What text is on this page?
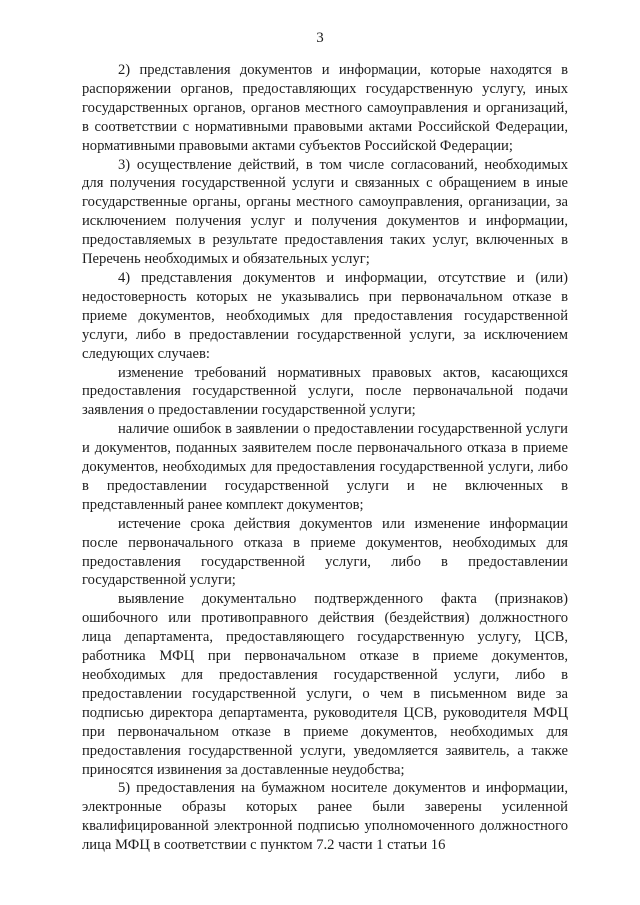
3

2) представления документов и информации, которые находятся в распоряжении органов, предоставляющих государственную услугу, иных государственных органов, органов местного самоуправления и организаций, в соответствии с нормативными правовыми актами Российской Федерации, нормативными правовыми актами субъектов Российской Федерации;

3) осуществление действий, в том числе согласований, необходимых для получения государственной услуги и связанных с обращением в иные государственные органы, органы местного самоуправления, организации, за исключением получения услуг и получения документов и информации, предоставляемых в результате предоставления таких услуг, включенных в Перечень необходимых и обязательных услуг;

4) представления документов и информации, отсутствие и (или) недостоверность которых не указывались при первоначальном отказе в приеме документов, необходимых для предоставления государственной услуги, либо в предоставлении государственной услуги, за исключением следующих случаев:

изменение требований нормативных правовых актов, касающихся предоставления государственной услуги, после первоначальной подачи заявления о предоставлении государственной услуги;

наличие ошибок в заявлении о предоставлении государственной услуги и документов, поданных заявителем после первоначального отказа в приеме документов, необходимых для предоставления государственной услуги, либо в предоставлении государственной услуги и не включенных в представленный ранее комплект документов;

истечение срока действия документов или изменение информации после первоначального отказа в приеме документов, необходимых для предоставления государственной услуги, либо в предоставлении государственной услуги;

выявление документально подтвержденного факта (признаков) ошибочного или противоправного действия (бездействия) должностного лица департамента, предоставляющего государственную услугу, ЦСВ, работника МФЦ при первоначальном отказе в приеме документов, необходимых для предоставления государственной услуги, либо в предоставлении государственной услуги, о чем в письменном виде за подписью директора департамента, руководителя ЦСВ, руководителя МФЦ при первоначальном отказе в приеме документов, необходимых для предоставления государственной услуги, уведомляется заявитель, а также приносятся извинения за доставленные неудобства;

5) предоставления на бумажном носителе документов и информации, электронные образы которых ранее были заверены усиленной квалифицированной электронной подписью уполномоченного должностного лица МФЦ в соответствии с пунктом 7.2 части 1 статьи 16
